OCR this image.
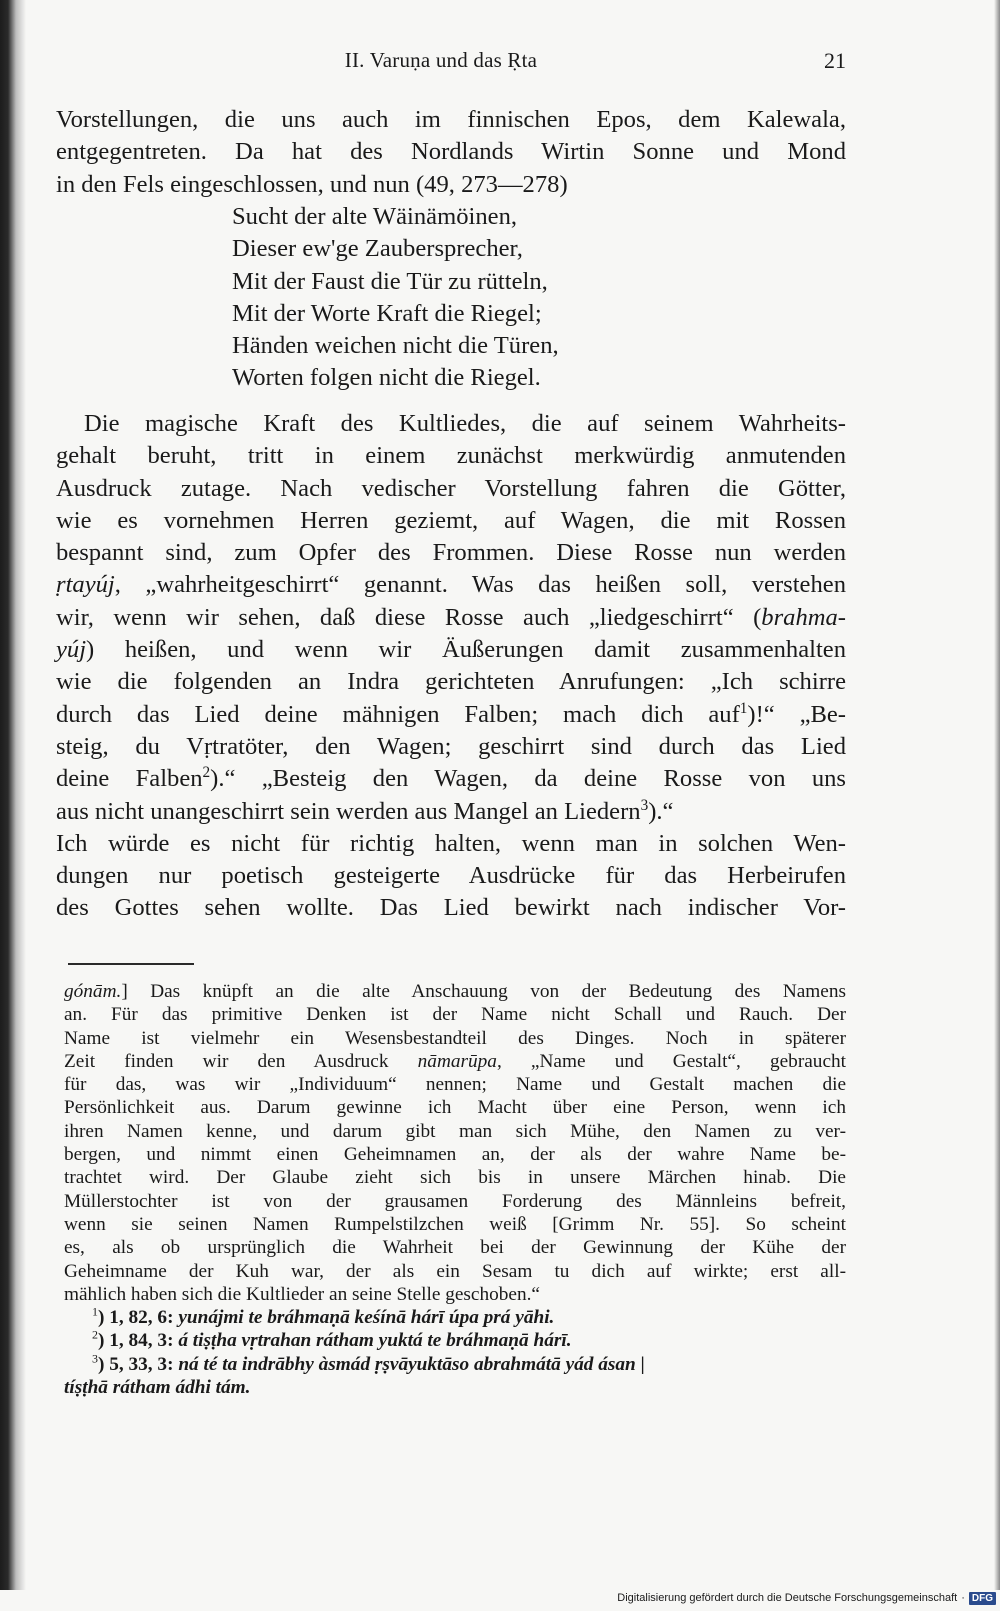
II. Varuṇa und das Ṛta	21
Vorstellungen, die uns auch im finnischen Epos, dem Kalewala,
entgegentreten. Da hat des Nordlands Wirtin Sonne und Mond
in den Fels eingeschlossen, und nun (49, 273—278)
Sucht der alte Wäinämöinen,
Dieser ew'ge Zaubersprecher,
Mit der Faust die Tür zu rütteln,
Mit der Worte Kraft die Riegel;
Händen weichen nicht die Türen,
Worten folgen nicht die Riegel.
Die magische Kraft des Kultliedes, die auf seinem Wahrheits-
gehalt beruht, tritt in einem zunächst merkwürdig anmutenden
Ausdruck zutage. Nach vedischer Vorstellung fahren die Götter,
wie es vornehmen Herren geziemt, auf Wagen, die mit Rossen
bespannt sind, zum Opfer des Frommen. Diese Rosse nun werden
ṛtayúj, „wahrheitgeschirrt“ genannt. Was das heißen soll, verstehen
wir, wenn wir sehen, daß diese Rosse auch „liedgeschirrt“ (brahma-
yúj) heißen, und wenn wir Äußerungen damit zusammenhalten
wie die folgenden an Indra gerichteten Anrufungen: „Ich schirre
durch das Lied deine mähnigen Falben; mach dich auf$^1$)!“ „Be-
steig, du Vṛtratöter, den Wagen; geschirrt sind durch das Lied
deine Falben$^2$).“ „Besteig den Wagen, da deine Rosse von uns
aus nicht unangeschirrt sein werden aus Mangel an Liedern$^3$).“
Ich würde es nicht für richtig halten, wenn man in solchen Wen-
dungen nur poetisch gesteigerte Ausdrücke für das Herbeirufen
des Gottes sehen wollte. Das Lied bewirkt nach indischer Vor-
gónām.] Das knüpft an die alte Anschauung von der Bedeutung des Namens
an. Für das primitive Denken ist der Name nicht Schall und Rauch. Der
Name ist vielmehr ein Wesensbestandteil des Dinges. Noch in späterer
Zeit finden wir den Ausdruck nāmarūpa, „Name und Gestalt“, gebraucht
für das, was wir „Individuum“ nennen; Name und Gestalt machen die
Persönlichkeit aus. Darum gewinne ich Macht über eine Person, wenn ich
ihren Namen kenne, und darum gibt man sich Mühe, den Namen zu ver-
bergen, und nimmt einen Geheimnamen an, der als der wahre Name be-
trachtet wird. Der Glaube zieht sich bis in unsere Märchen hinab. Die
Müllerstochter ist von der grausamen Forderung des Männleins befreit,
wenn sie seinen Namen Rumpelstilzchen weiß [Grimm Nr. 55]. So scheint
es, als ob ursprünglich die Wahrheit bei der Gewinnung der Kühe der
Geheimname der Kuh war, der als ein Sesam tu dich auf wirkte; erst all-
mählich haben sich die Kultlieder an seine Stelle geschoben.“
$^1$) 1, 82, 6: yunájmi te bráhmaṇā keśínā hárī úpa prá yāhi.
$^2$) 1, 84, 3: á tiṣṭha vṛtrahan rátham yuktá te bráhmaṇā hárī.
$^3$) 5, 33, 3: ná té ta indrābhy àsmád ṛṣvāyuktāso abrahmátā yád ásan |
tíṣṭhā rátham ádhi tám.
Digitalisierung gefördert durch die Deutsche Forschungsgemeinschaft · DFG
